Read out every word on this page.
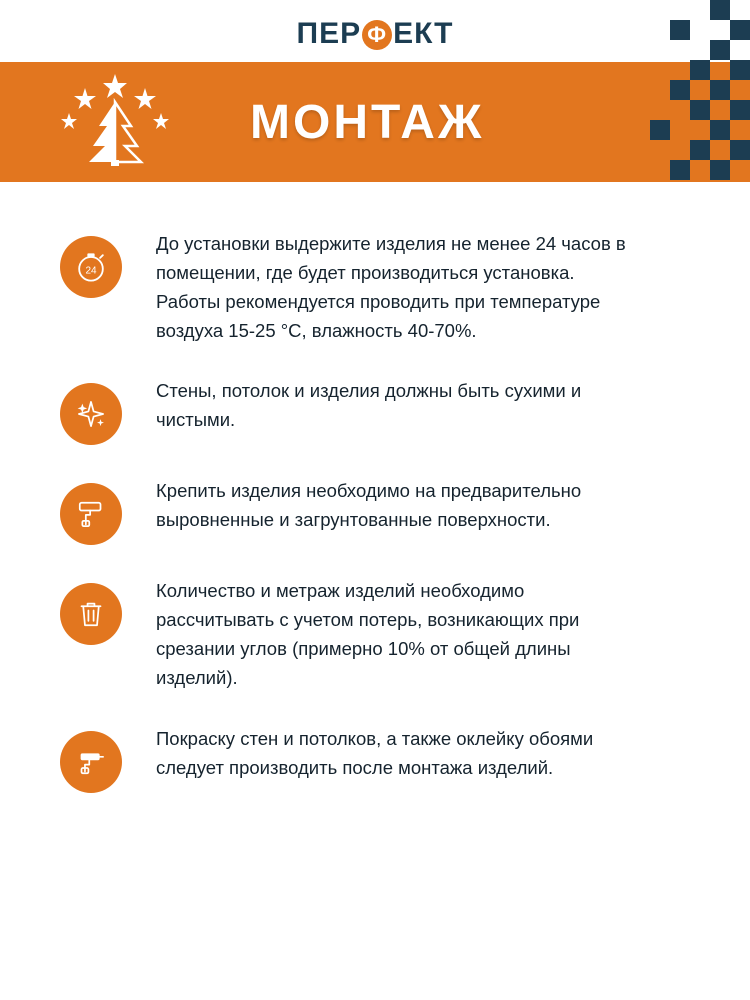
ПЕР Ф ЕКТ
МОНТАЖ
24
До установки выдержите изделия не менее 24 часов в помещении, где будет производиться установка. Работы рекомендуется проводить при температуре воздуха 15-25 °С, влажность 40-70%.
Стены, потолок и изделия должны быть сухими и чистыми.
Крепить изделия необходимо на предварительно выровненные и загрунтованные поверхности.
Количество и метраж изделий необходимо рассчитывать с учетом потерь, возникающих при срезании углов (примерно 10% от общей длины изделий).
Покраску стен и потолков, а также оклейку обоями следует производить после монтажа изделий.
